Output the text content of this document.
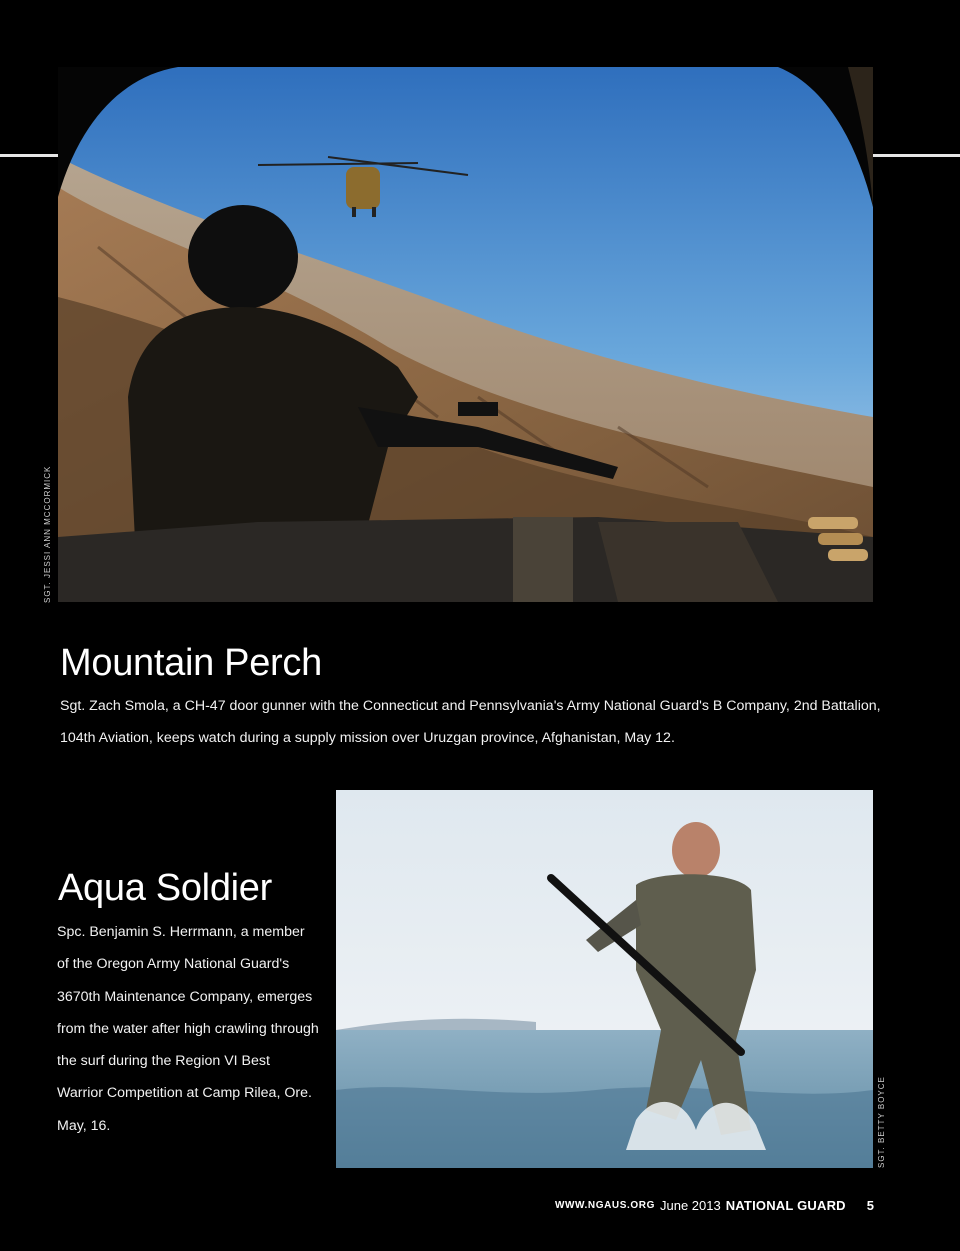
SGT. JESSI ANN MCCORMICK
Mountain Perch

Sgt. Zach Smola, a CH-47 door gunner with the Connecticut and Pennsylvania's Army National Guard's B Company, 2nd Battalion, 104th Aviation, keeps watch during a supply mission over Uruzgan province, Afghanistan, May 12.

SGT. BETTY BOYCE
Aqua Soldier

Spc. Benjamin S. Herrmann, a member of the Oregon Army National Guard's 3670th Maintenance Company, emerges from the water after high crawling through the surf during the Region VI Best Warrior Competition at Camp Rilea, Ore. May, 16.

WWW.NGAUS.ORG June 2013 NATIONAL GUARD 5
